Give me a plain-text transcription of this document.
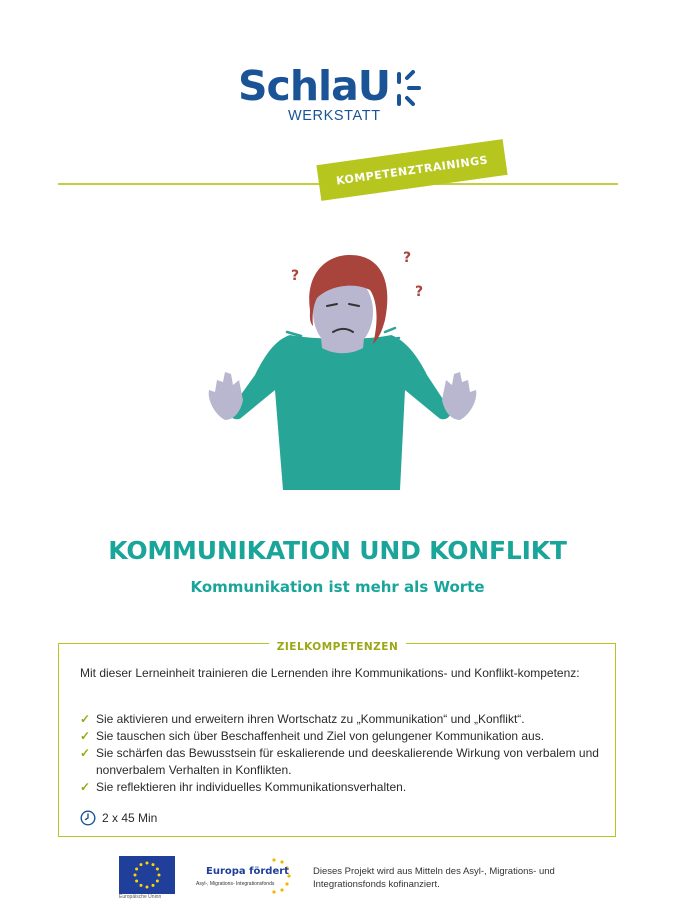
SchlaU
WERKSTATT
KOMPETENZTRAININGS
?
?
?
KOMMUNIKATION UND KONFLIKT
Kommunikation ist mehr als Worte
ZIELKOMPETENZEN
Mit dieser Lerneinheit trainieren die Lernenden ihre Kommunikations- und Konflikt-kompetenz:
✓ Sie aktivieren und erweitern ihren Wortschatz zu „Kommunikation“ und „Konflikt“.
✓ Sie tauschen sich über Beschaffenheit und Ziel von gelungener Kommunikation aus.
✓ Sie schärfen das Bewusstsein für eskalierende und deeskalierende Wirkung von verbalem und nonverbalem Verhalten in Konflikten.
✓ Sie reflektieren ihr individuelles Kommunikationsverhalten.
2 x 45 Min
Europäische Union
Europa fördert
Asyl-, Migrations- Integrationsfonds
Dieses Projekt wird aus Mitteln des Asyl-, Migrations- und Integrationsfonds kofinanziert.
